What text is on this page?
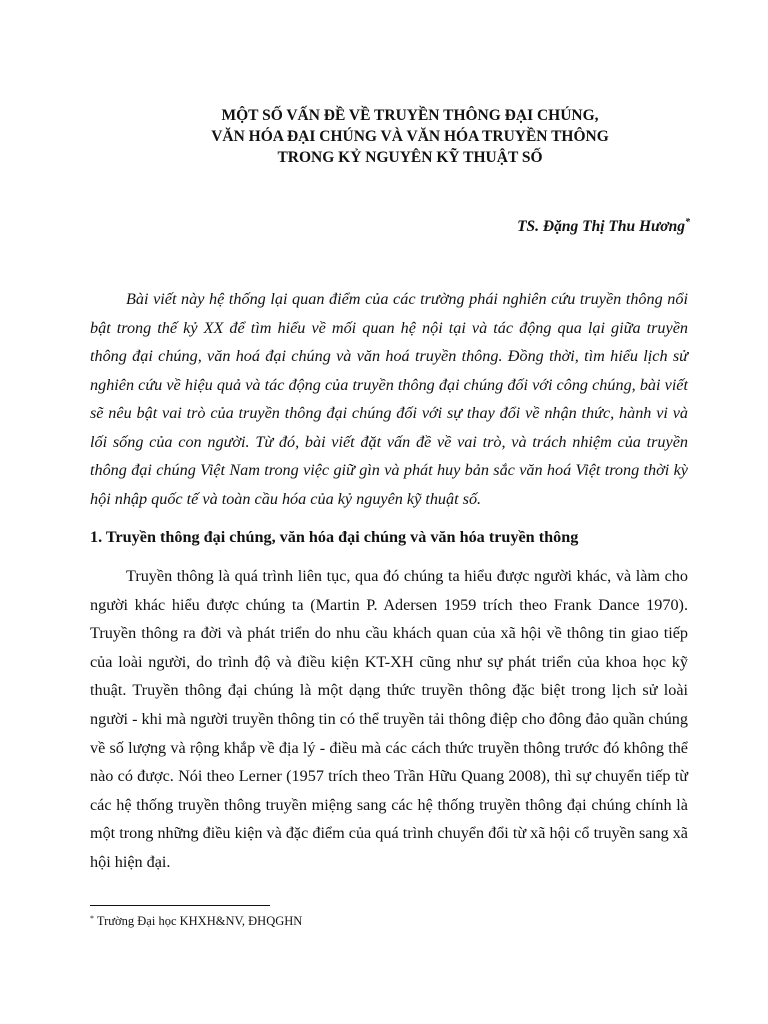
MỘT SỐ VẤN ĐỀ VỀ TRUYỀN THÔNG ĐẠI CHÚNG,
VĂN HÓA ĐẠI CHÚNG VÀ VĂN HÓA TRUYỀN THÔNG
TRONG KỶ NGUYÊN KỸ THUẬT SỐ
TS. Đặng Thị Thu Hương*

Bài viết này hệ thống lại quan điểm của các trường phái nghiên cứu truyền thông nổi bật trong thế kỷ XX để tìm hiểu về mối quan hệ nội tại và tác động qua lại giữa truyền thông đại chúng, văn hoá đại chúng và văn hoá truyền thông. Đồng thời, tìm hiểu lịch sử nghiên cứu về hiệu quả và tác động của truyền thông đại chúng đối với công chúng, bài viết sẽ nêu bật vai trò của truyền thông đại chúng đối với sự thay đổi về nhận thức, hành vi và lối sống của con người. Từ đó, bài viết đặt vấn đề về vai trò, và trách nhiệm của truyền thông đại chúng Việt Nam trong việc giữ gìn và phát huy bản sắc văn hoá Việt trong thời kỳ hội nhập quốc tế và toàn cầu hóa của kỷ nguyên kỹ thuật số.

1. Truyền thông đại chúng, văn hóa đại chúng và văn hóa truyền thông

Truyền thông là quá trình liên tục, qua đó chúng ta hiểu được người khác, và làm cho người khác hiểu được chúng ta (Martin P. Adersen 1959 trích theo Frank Dance 1970). Truyền thông ra đời và phát triển do nhu cầu khách quan của xã hội về thông tin giao tiếp của loài người, do trình độ và điều kiện KT-XH cũng như sự phát triển của khoa học kỹ thuật. Truyền thông đại chúng là một dạng thức truyền thông đặc biệt trong lịch sử loài người - khi mà người truyền thông tin có thể truyền tải thông điệp cho đông đảo quần chúng về số lượng và rộng khắp về địa lý - điều mà các cách thức truyền thông trước đó không thể nào có được. Nói theo Lerner (1957 trích theo Trần Hữu Quang 2008), thì sự chuyển tiếp từ các hệ thống truyền thông truyền miệng sang các hệ thống truyền thông đại chúng chính là một trong những điều kiện và đặc điểm của quá trình chuyển đổi từ xã hội cổ truyền sang xã hội hiện đại.

* Trường Đại học KHXH&NV, ĐHQGHN
